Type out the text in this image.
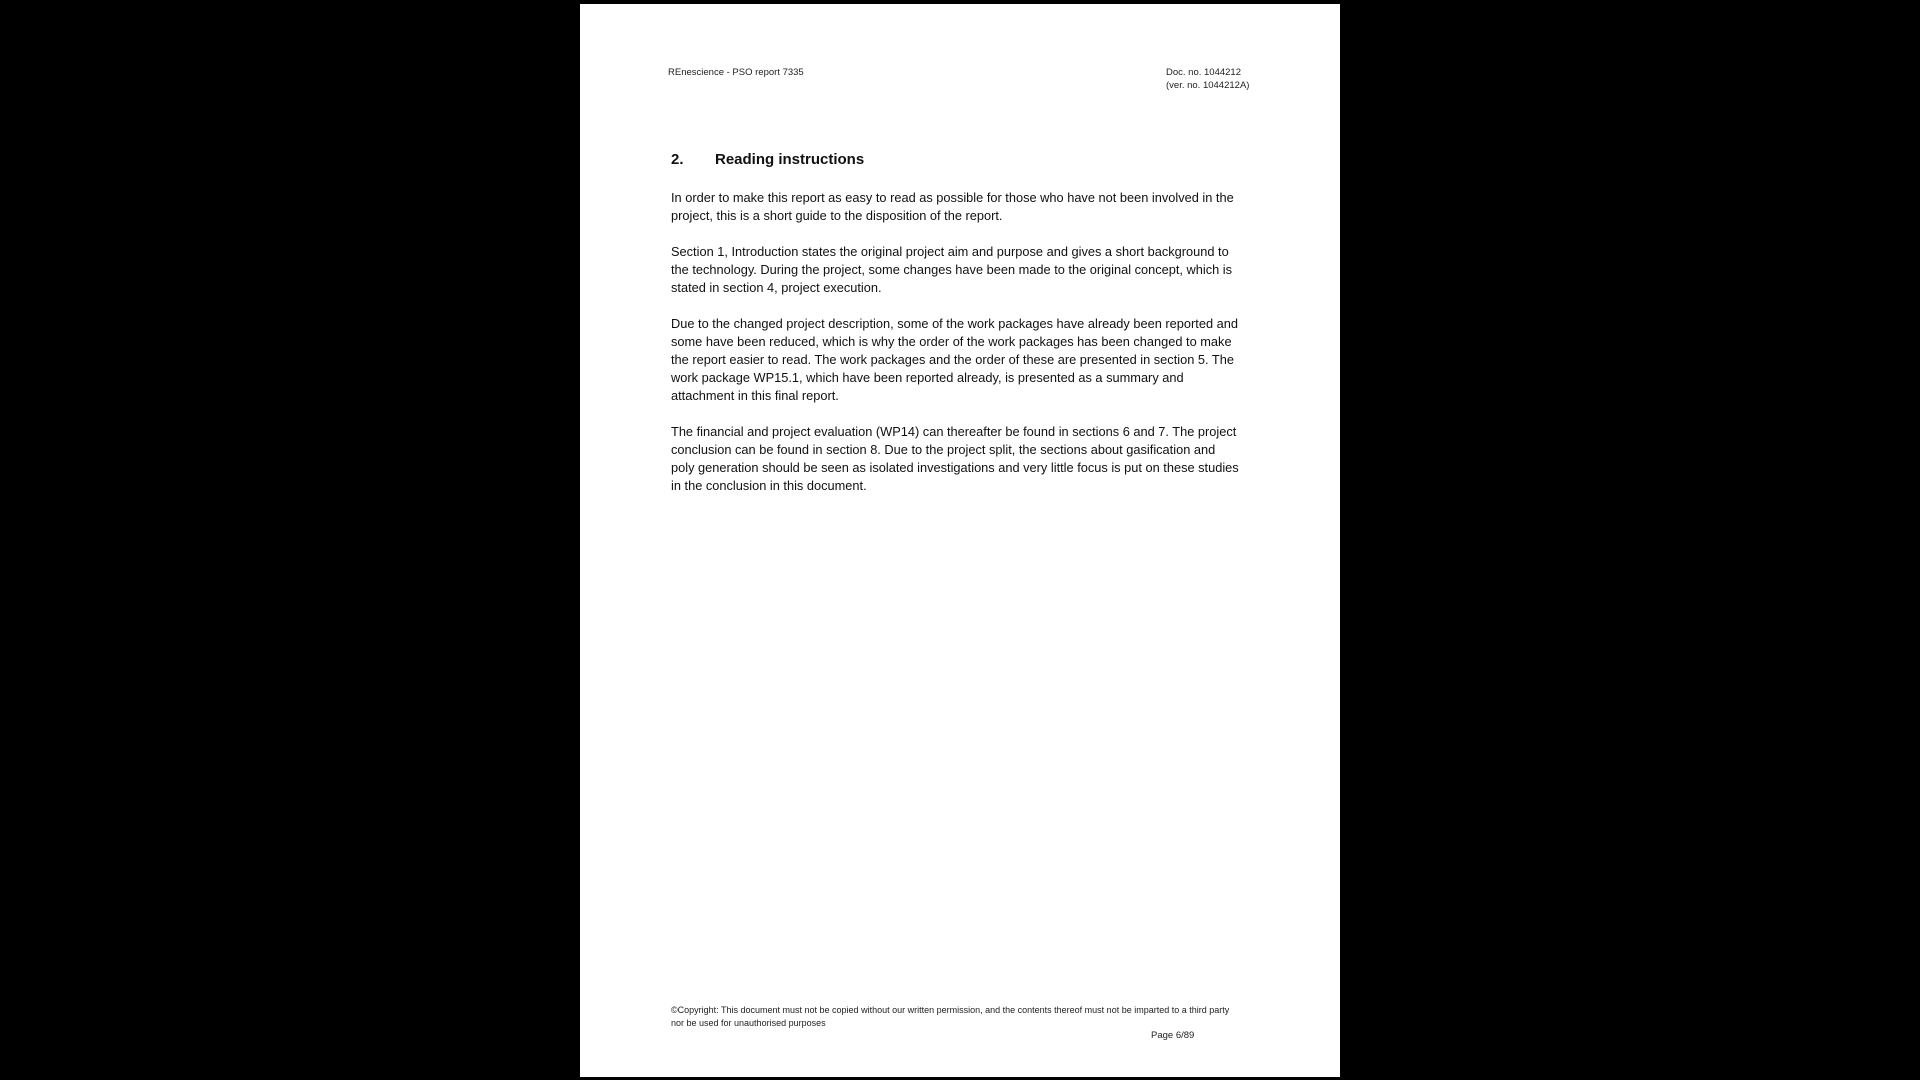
REnescience - PSO report 7335	Doc. no. 1044212
(ver. no. 1044212A)
2. Reading instructions

In order to make this report as easy to read as possible for those who have not been involved in the
project, this is a short guide to the disposition of the report.

Section 1, Introduction states the original project aim and purpose and gives a short background to
the technology. During the project, some changes have been made to the original concept, which is
stated in section 4, project execution.

Due to the changed project description, some of the work packages have already been reported and
some have been reduced, which is why the order of the work packages has been changed to make
the report easier to read. The work packages and the order of these are presented in section 5. The
work package WP15.1, which have been reported already, is presented as a summary and
attachment in this final report.

The financial and project evaluation (WP14) can thereafter be found in sections 6 and 7. The project
conclusion can be found in section 8. Due to the project split, the sections about gasification and
poly generation should be seen as isolated investigations and very little focus is put on these studies
in the conclusion in this document.

©Copyright: This document must not be copied without our written permission, and the contents thereof must not be imparted to a third party
nor be used for unauthorised purposes
Page 6/89
